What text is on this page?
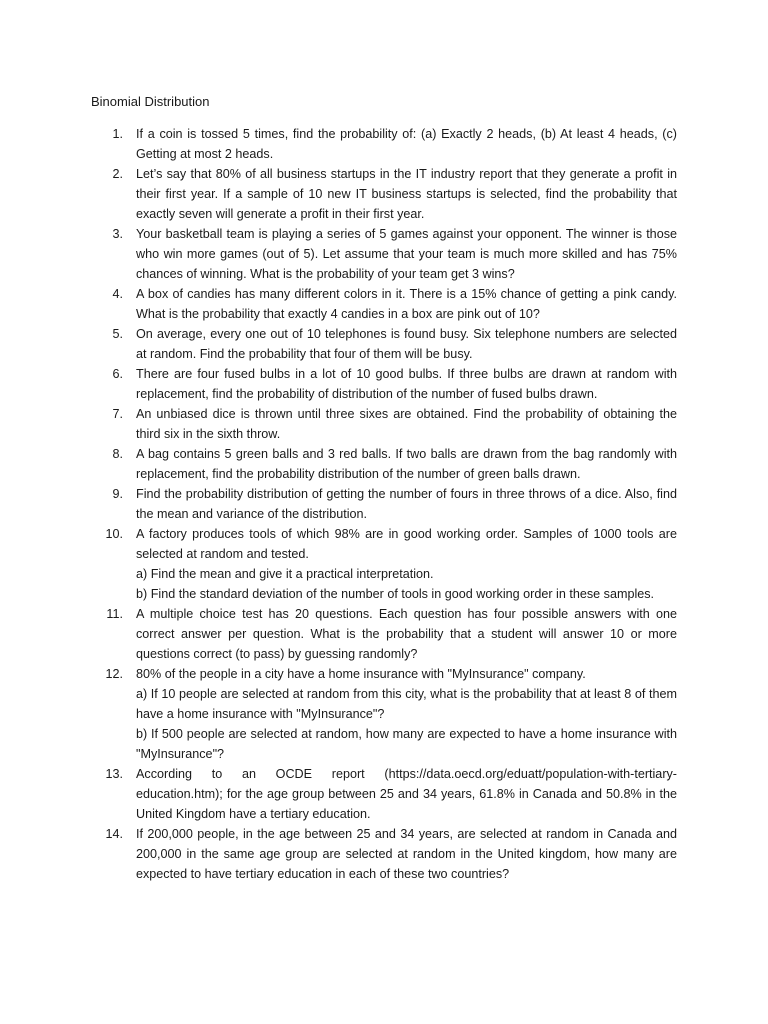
Binomial Distribution
1. If a coin is tossed 5 times, find the probability of: (a) Exactly 2 heads, (b) At least 4 heads, (c) Getting at most 2 heads.
2. Let’s say that 80% of all business startups in the IT industry report that they generate a profit in their first year. If a sample of 10 new IT business startups is selected, find the probability that exactly seven will generate a profit in their first year.
3. Your basketball team is playing a series of 5 games against your opponent. The winner is those who win more games (out of 5). Let assume that your team is much more skilled and has 75% chances of winning. What is the probability of your team get 3 wins?
4. A box of candies has many different colors in it. There is a 15% chance of getting a pink candy. What is the probability that exactly 4 candies in a box are pink out of 10?
5. On average, every one out of 10 telephones is found busy. Six telephone numbers are selected at random. Find the probability that four of them will be busy.
6. There are four fused bulbs in a lot of 10 good bulbs. If three bulbs are drawn at random with replacement, find the probability of distribution of the number of fused bulbs drawn.
7. An unbiased dice is thrown until three sixes are obtained. Find the probability of obtaining the third six in the sixth throw.
8. A bag contains 5 green balls and 3 red balls. If two balls are drawn from the bag randomly with replacement, find the probability distribution of the number of green balls drawn.
9. Find the probability distribution of getting the number of fours in three throws of a dice. Also, find the mean and variance of the distribution.
10. A factory produces tools of which 98% are in good working order. Samples of 1000 tools are selected at random and tested.
a) Find the mean and give it a practical interpretation.
b) Find the standard deviation of the number of tools in good working order in these samples.
11. A multiple choice test has 20 questions. Each question has four possible answers with one correct answer per question. What is the probability that a student will answer 10 or more questions correct (to pass) by guessing randomly?
12. 80% of the people in a city have a home insurance with "MyInsurance" company.
a) If 10 people are selected at random from this city, what is the probability that at least 8 of them have a home insurance with "MyInsurance"?
b) If 500 people are selected at random, how many are expected to have a home insurance with "MyInsurance"?
13. According to an OCDE report (https://data.oecd.org/eduatt/population-with-tertiary-education.htm); for the age group between 25 and 34 years, 61.8% in Canada and 50.8% in the United Kingdom have a tertiary education.
14. If 200,000 people, in the age between 25 and 34 years, are selected at random in Canada and 200,000 in the same age group are selected at random in the United kingdom, how many are expected to have tertiary education in each of these two countries?
